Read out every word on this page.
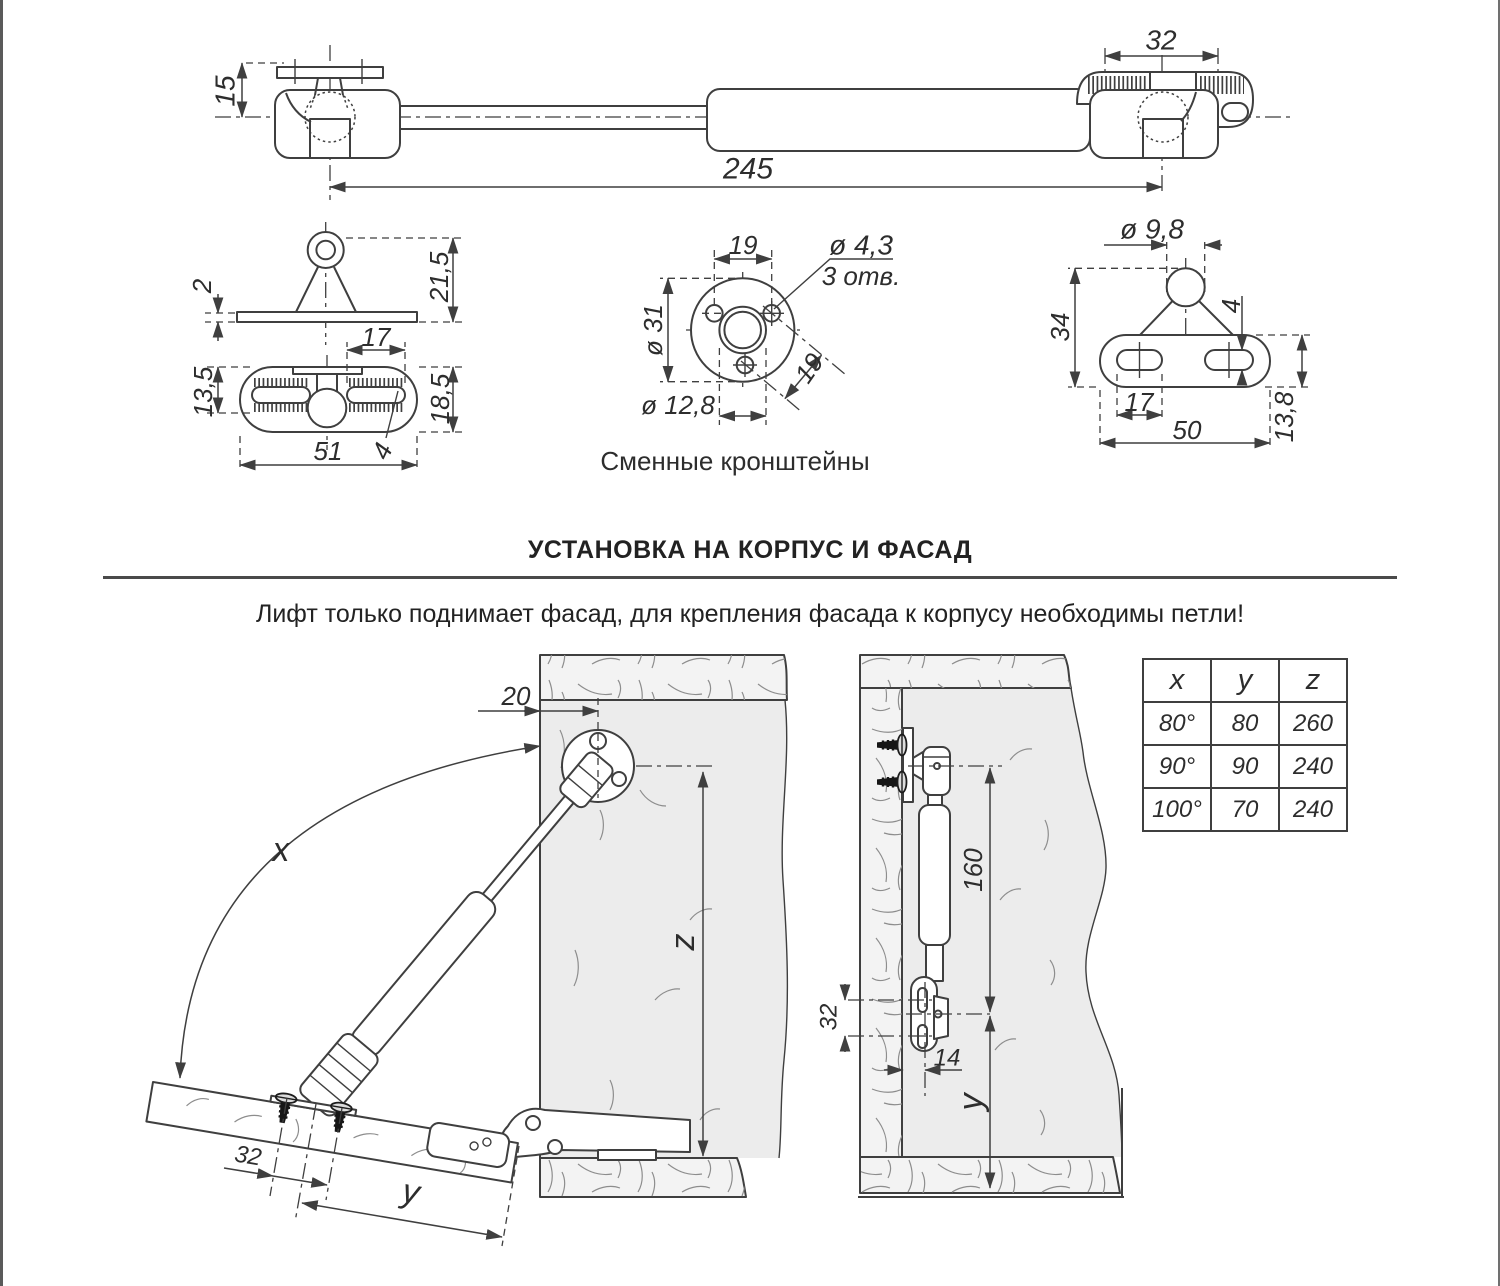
15
32
245
2	21,5
17
13,5	18,5
51 4
19	ø 4,3
3 отв.
ø 31
19
ø 12,8
ø 9,8
34
4
17
50	13,8
20
x
z
32
y
32
14
160
y
Сменные кронштейны
УСТАНОВКА НА КОРПУС И ФАСАД
Лифт только поднимает фасад, для крепления фасада к корпусу необходимы петли!
x	y	z
80°	80	260
90°	90	240
100°	70	240
